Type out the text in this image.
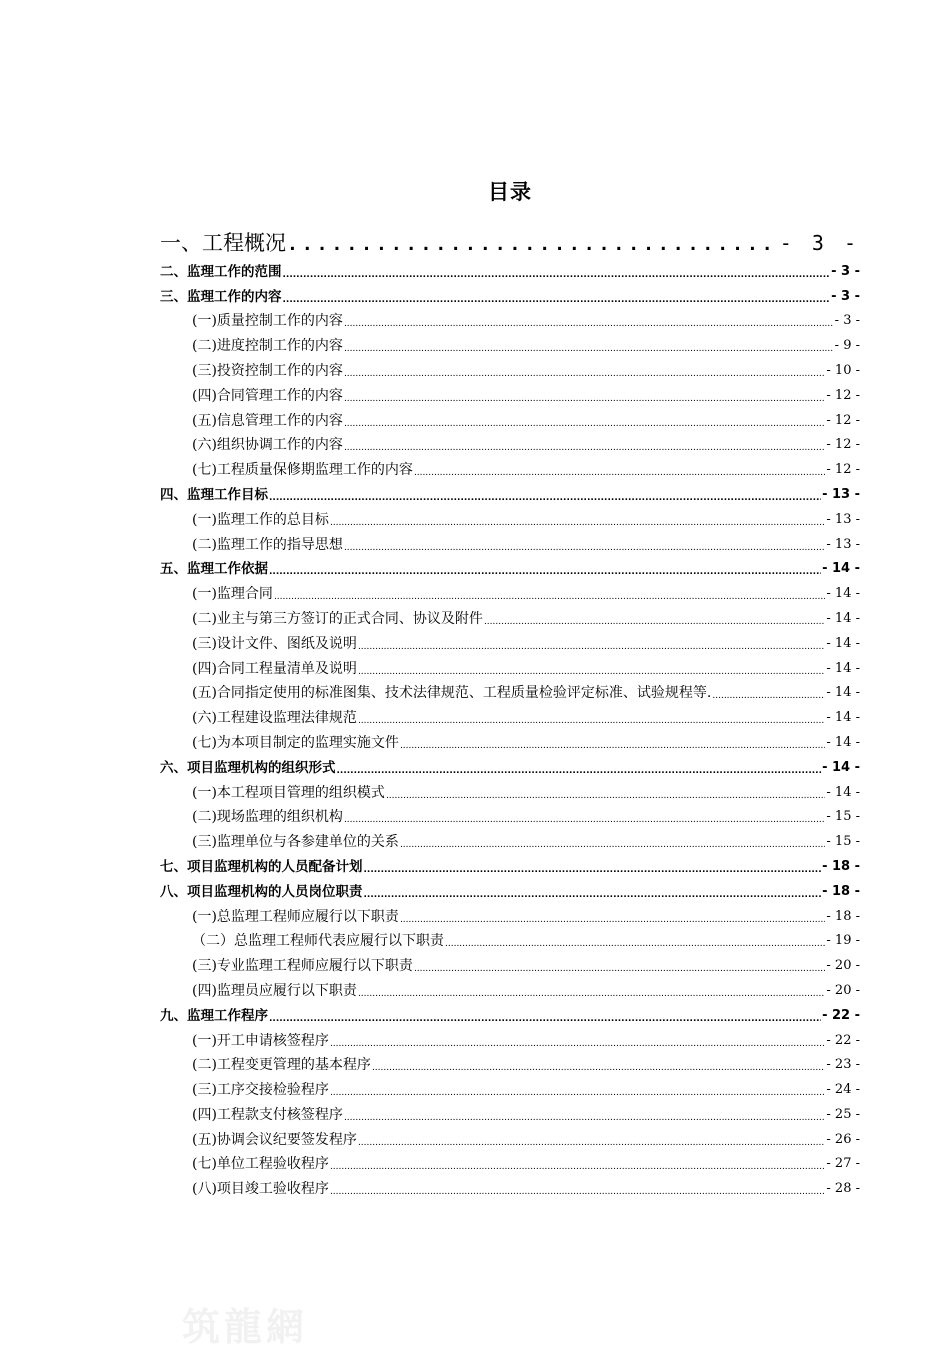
目录
一、工程概况 .....	- 3 -
二、监理工作的范围 .....	- 3 -
三、监理工作的内容 .....	- 3 -
(一)质量控制工作的内容 .....	- 3 -
(二)进度控制工作的内容 .....	- 9 -
(三)投资控制工作的内容 .....	- 10 -
(四)合同管理工作的内容 .....	- 12 -
(五)信息管理工作的内容 .....	- 12 -
(六)组织协调工作的内容 .....	- 12 -
(七)工程质量保修期监理工作的内容 .....	- 12 -
四、监理工作目标 .....	- 13 -
(一)监理工作的总目标 .....	- 13 -
(二)监理工作的指导思想 .....	- 13 -
五、监理工作依据 .....	- 14 -
(一)监理合同 .....	- 14 -
(二)业主与第三方签订的正式合同、协议及附件 .....	- 14 -
(三)设计文件、图纸及说明 .....	- 14 -
(四)合同工程量清单及说明 .....	- 14 -
(五)合同指定使用的标准图集、技术法律规范、工程质量检验评定标准、试验规程等. .....	- 14 -
(六)工程建设监理法律规范 .....	- 14 -
(七)为本项目制定的监理实施文件 .....	- 14 -
六、项目监理机构的组织形式 .....	- 14 -
(一)本工程项目管理的组织模式 .....	- 14 -
(二)现场监理的组织机构 .....	- 15 -
(三)监理单位与各参建单位的关系 .....	- 15 -
七、项目监理机构的人员配备计划 .....	- 18 -
八、项目监理机构的人员岗位职责 .....	- 18 -
(一)总监理工程师应履行以下职责 .....	- 18 -
（二）总监理工程师代表应履行以下职责 .....	- 19 -
(三)专业监理工程师应履行以下职责 .....	- 20 -
(四)监理员应履行以下职责 .....	- 20 -
九、监理工作程序 .....	- 22 -
(一)开工申请核签程序 .....	- 22 -
(二)工程变更管理的基本程序 .....	- 23 -
(三)工序交接检验程序 .....	- 24 -
(四)工程款支付核签程序 .....	- 25 -
(五)协调会议纪要签发程序 .....	- 26 -
(七)单位工程验收程序 .....	- 27 -
(八)项目竣工验收程序 .....	- 28 -
筑龍網
